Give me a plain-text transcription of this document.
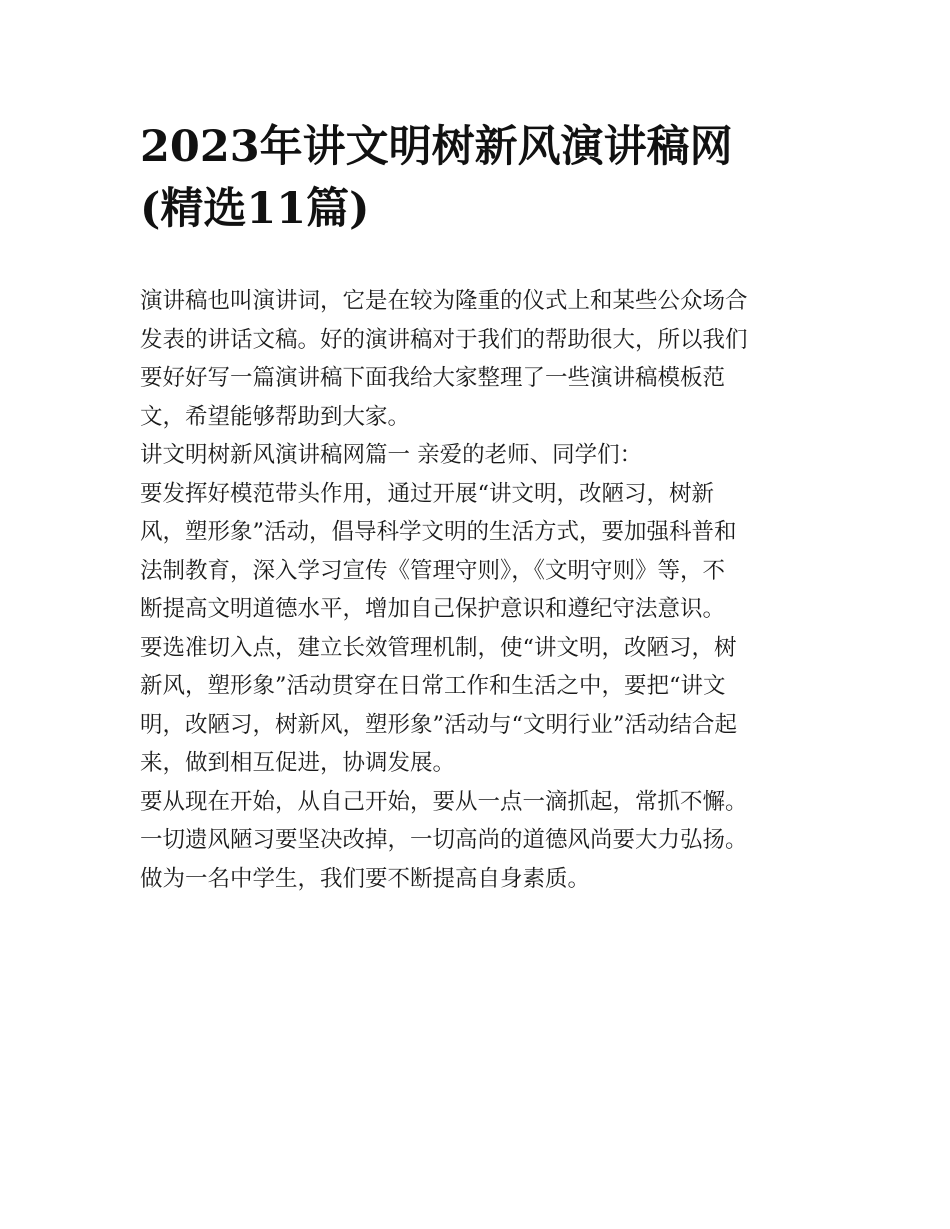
2023年讲文明树新风演讲稿网
(精选11篇)

演讲稿也叫演讲词，它是在较为隆重的仪式上和某些公众场合
发表的讲话文稿。好的演讲稿对于我们的帮助很大，所以我们
要好好写一篇演讲稿下面我给大家整理了一些演讲稿模板范
文，希望能够帮助到大家。

讲文明树新风演讲稿网篇一 亲爱的老师、同学们：

要发挥好模范带头作用，通过开展“讲文明，改陋习，树新
风，塑形象”活动，倡导科学文明的生活方式，要加强科普和
法制教育，深入学习宣传《管理守则》，《文明守则》等，不
断提高文明道德水平，增加自己保护意识和遵纪守法意识。

要选准切入点，建立长效管理机制，使“讲文明，改陋习，树
新风，塑形象”活动贯穿在日常工作和生活之中，要把“讲文
明，改陋习，树新风，塑形象”活动与“文明行业”活动结合起
来，做到相互促进，协调发展。

要从现在开始，从自己开始，要从一点一滴抓起，常抓不懈。
一切遗风陋习要坚决改掉，一切高尚的道德风尚要大力弘扬。
做为一名中学生，我们要不断提高自身素质。
